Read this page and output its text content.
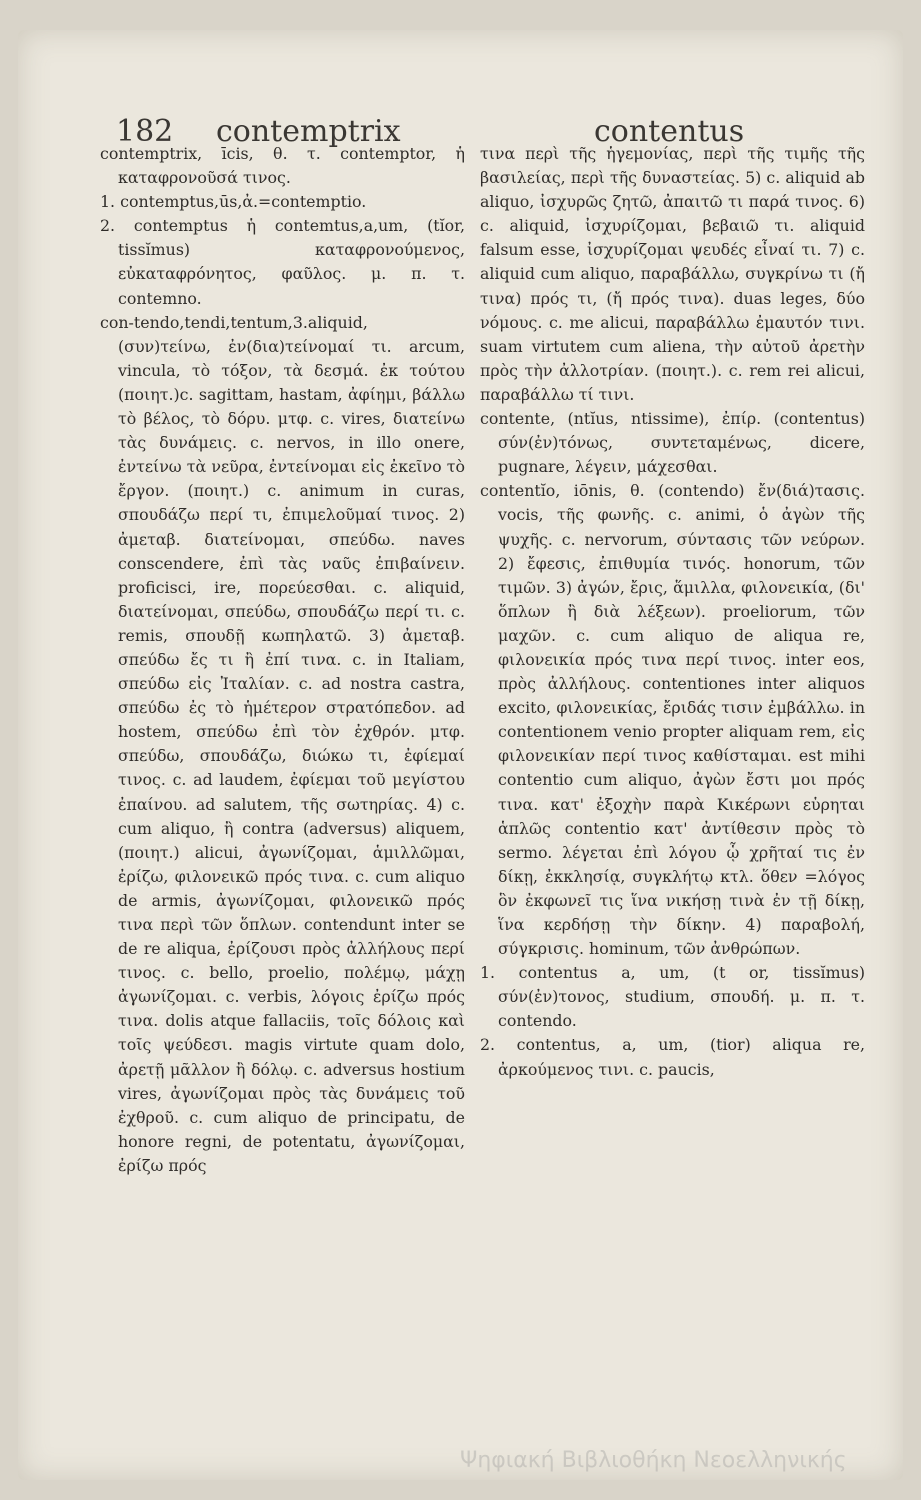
182 contemptrix	contentus

contemptrix, īcis, θ. τ. contemptor, ἡ καταφρονοῦσά τινος.

1. contemptus,ūs,ἀ.=contemptio.

2. contemptus ἡ contemtus,a,um, (tĭor, tissĭmus) καταφρονούμενος, εὐκαταφρόνητος, φαῦλος. μ. π. τ. contemno.

con-tendo,tendi,tentum,3.aliquid, (συν)τείνω, ἐν(δια)τείνομαί τι. arcum, vincula, τὸ τόξον, τὰ δεσμά. ἐκ τούτου (ποιητ.)c. sagittam, hastam, ἀφίημι, βάλλω τὸ βέλος, τὸ δόρυ. μτφ. c. vires, διατείνω τὰς δυνάμεις. c. nervos, in illo onere, ἐντείνω τὰ νεῦρα, ἐντείνομαι εἰς ἐκεῖνο τὸ ἔργον. (ποιητ.) c. animum in curas, σπουδάζω περί τι, ἐπιμελοῦμαί τινος. 2) ἀμεταβ. διατείνομαι, σπεύδω. naves conscendere, ἐπὶ τὰς ναῦς ἐπιβαίνειν. proficisci, ire, πορεύεσθαι. c. aliquid, διατείνομαι, σπεύδω, σπουδάζω περί τι. c. remis, σπουδῇ κωπηλατῶ. 3) ἀμεταβ. σπεύδω ἔς τι ἢ ἐπί τινα. c. in Italiam, σπεύδω εἰς Ἰταλίαν. c. ad nostra castra, σπεύδω ἐς τὸ ἡμέτερον στρατόπεδον. ad hostem, σπεύδω ἐπὶ τὸν ἐχθρόν. μτφ. σπεύδω, σπουδάζω, διώκω τι, ἐφίεμαί τινος. c. ad laudem, ἐφίεμαι τοῦ μεγίστου ἐπαίνου. ad salutem, τῆς σωτηρίας. 4) c. cum aliquo, ἢ contra (adversus) aliquem, (ποιητ.) alicui, ἀγωνίζομαι, ἁμιλλῶμαι, ἐρίζω, φιλονεικῶ πρός τινα. c. cum aliquo de armis, ἀγωνίζομαι, φιλονεικῶ πρός τινα περὶ τῶν ὅπλων. contendunt inter se de re aliqua, ἐρίζουσι πρὸς ἀλλήλους περί τινος. c. bello, proelio, πολέμῳ, μάχῃ ἀγωνίζομαι. c. verbis, λόγοις ἐρίζω πρός τινα. dolis atque fallaciis, τοῖς δόλοις καὶ τοῖς ψεύδεσι. magis virtute quam dolo, ἀρετῇ μᾶλλον ἢ δόλῳ. c. adversus hostium vires, ἀγωνίζομαι πρὸς τὰς δυνάμεις τοῦ ἐχθροῦ. c. cum aliquo de principatu, de honore regni, de potentatu, ἀγωνίζομαι, ἐρίζω πρός

τινα περὶ τῆς ἡγεμονίας, περὶ τῆς τιμῆς τῆς βασιλείας, περὶ τῆς δυναστείας. 5) c. aliquid ab aliquo, ἰσχυρῶς ζητῶ, ἀπαιτῶ τι παρά τινος. 6) c. aliquid, ἰσχυρίζομαι, βεβαιῶ τι. aliquid falsum esse, ἰσχυρίζομαι ψευδές εἶναί τι. 7) c. aliquid cum aliquo, παραβάλλω, συγκρίνω τι (ἤ τινα) πρός τι, (ἤ πρός τινα). duas leges, δύο νόμους. c. me alicui, παραβάλλω ἐμαυτόν τινι. suam virtutem cum aliena, τὴν αὐτοῦ ἀρετὴν πρὸς τὴν ἀλλοτρίαν. (ποιητ.). c. rem rei alicui, παραβάλλω τί τινι.

contente, (ntĭus, ntissime), ἐπίρ. (contentus) σύν(ἐν)τόνως, συντεταμένως, dicere, pugnare, λέγειν, μάχεσθαι.

contentĭo, iōnis, θ. (contendo) ἔν(διά)τασις. vocis, τῆς φωνῆς. c. animi, ὁ ἀγὼν τῆς ψυχῆς. c. nervorum, σύντασις τῶν νεύρων. 2) ἔφεσις, ἐπιθυμία τινός. honorum, τῶν τιμῶν. 3) ἀγών, ἔρις, ἅμιλλα, φιλονεικία, (δι' ὅπλων ἢ διὰ λέξεων). proeliorum, τῶν μαχῶν. c. cum aliquo de aliqua re, φιλονεικία πρός τινα περί τινος. inter eos, πρὸς ἀλλήλους. contentiones inter aliquos excito, φιλονεικίας, ἔριδάς τισιν ἐμβάλλω. in contentionem venio propter aliquam rem, εἰς φιλονεικίαν περί τινος καθίσταμαι. est mihi contentio cum aliquo, ἀγὼν ἔστι μοι πρός τινα. κατ' ἐξοχὴν παρὰ Κικέρωνι εὑρηται ἁπλῶς contentio κατ' ἀντίθεσιν πρὸς τὸ sermo. λέγεται ἐπὶ λόγου ᾧ χρῆταί τις ἐν δίκῃ, ἐκκλησίᾳ, συγκλήτῳ κτλ. ὅθεν =λόγος ὃν ἐκφωνεῖ τις ἵνα νικήσῃ τινὰ ἐν τῇ δίκῃ, ἵνα κερδήσῃ τὴν δίκην. 4) παραβολή, σύγκρισις. hominum, τῶν ἀνθρώπων.

1. contentus a, um, (t or, tissĭmus) σύν(ἐν)τονος, studium, σπουδή. μ. π. τ. contendo.

2. contentus, a, um, (tior) aliqua re, ἀρκούμενος τινι. c. paucis,

Ψηφιακή Βιβλιοθήκη Νεοελληνικής
